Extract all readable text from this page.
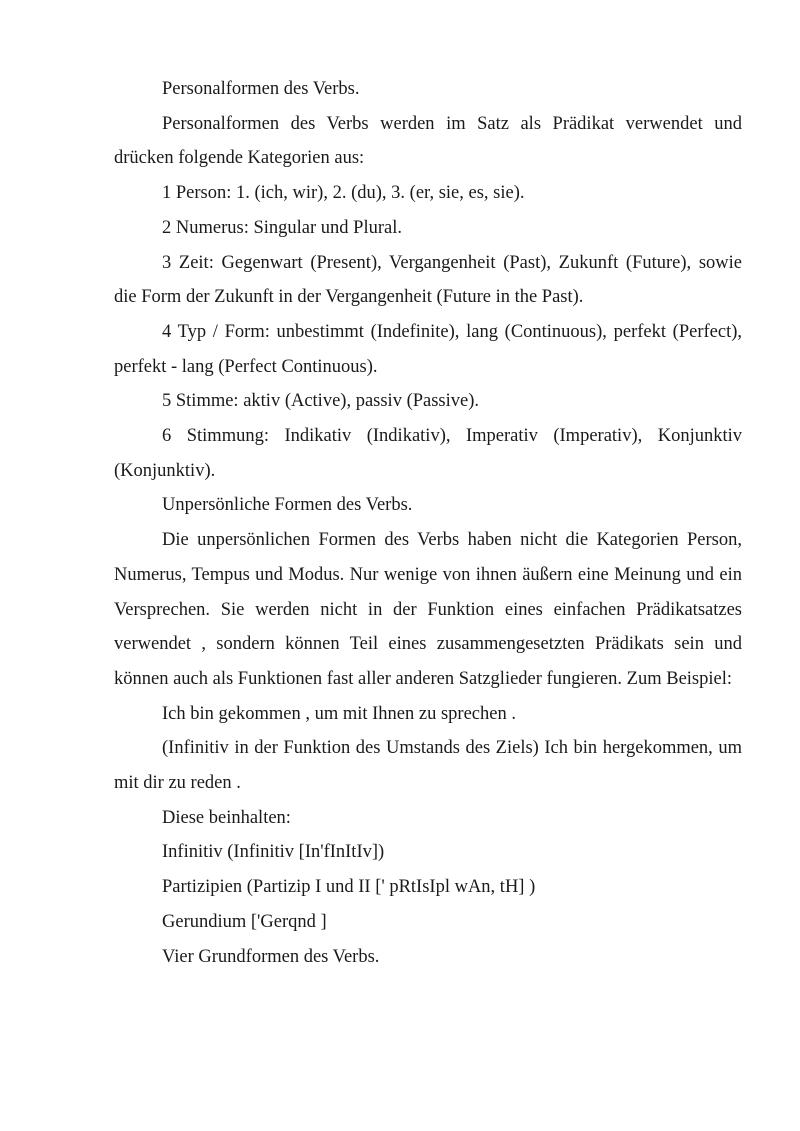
Personalformen des Verbs.

Personalformen des Verbs werden im Satz als Prädikat verwendet und drücken folgende Kategorien aus:

1 Person: 1. (ich, wir), 2. (du), 3. (er, sie, es, sie).

2 Numerus: Singular und Plural.

3 Zeit: Gegenwart (Present), Vergangenheit (Past), Zukunft (Future), sowie die Form der Zukunft in der Vergangenheit (Future in the Past).

4 Typ / Form: unbestimmt (Indefinite), lang (Continuous), perfekt (Perfect), perfekt - lang (Perfect Continuous).

5 Stimme: aktiv (Active), passiv (Passive).

6 Stimmung: Indikativ (Indikativ), Imperativ (Imperativ), Konjunktiv (Konjunktiv).

Unpersönliche Formen des Verbs.

Die unpersönlichen Formen des Verbs haben nicht die Kategorien Person, Numerus, Tempus und Modus. Nur wenige von ihnen äußern eine Meinung und ein Versprechen. Sie werden nicht in der Funktion eines einfachen Prädikatsatzes verwendet , sondern können Teil eines zusammengesetzten Prädikats sein und können auch als Funktionen fast aller anderen Satzglieder fungieren. Zum Beispiel:

Ich bin gekommen , um mit Ihnen zu sprechen .

(Infinitiv in der Funktion des Umstands des Ziels) Ich bin hergekommen, um mit dir zu reden .

Diese beinhalten:

Infinitiv (Infinitiv [In'fInItIv])

Partizipien (Partizip I und II [' pRtIsIpl wAn, tH] )

Gerundium ['Gerqnd ]

Vier Grundformen des Verbs.
